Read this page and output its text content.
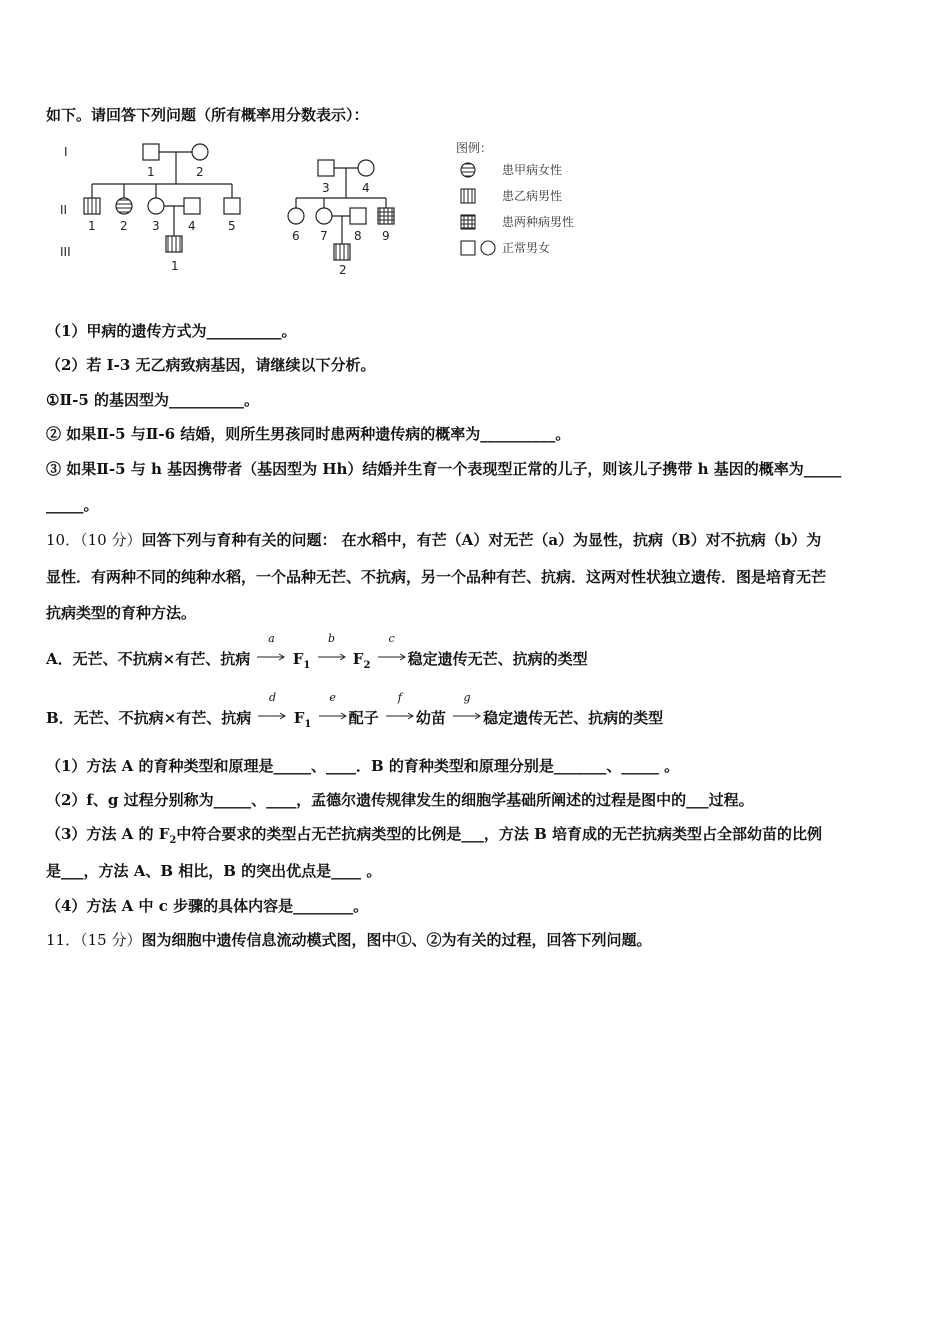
如下。请回答下列问题（所有概率用分数表示）：
I
II
III
1	2
1 2 3 4	5
1
3	4
6 7 8 9
2
图例：
患甲病女性
患乙病男性
患两种病男性
正常男女
（1）甲病的遗传方式为__________。
（2）若 I-3 无乙病致病基因，请继续以下分析。
①Ⅱ-5 的基因型为__________。
② 如果Ⅱ-5 与Ⅱ-6 结婚，则所生男孩同时患两种遗传病的概率为__________。
③ 如果Ⅱ-5 与 h 基因携带者（基因型为 Hh）结婚并生育一个表现型正常的儿子，则该儿子携带 h 基因的概率为_____
_____。
10．（10 分）回答下列与育种有关的问题： 在水稻中，有芒（A）对无芒（a）为显性，抗病（B）对不抗病（b）为
显性．有两种不同的纯种水稻，一个品种无芒、不抗病，另一个品种有芒、抗病．这两对性状独立遗传．图是培育无芒
抗病类型的育种方法。
A．无芒、不抗病×有芒、抗病
a
$F_1$
b
$F_2$
c
稳定遗传无芒、抗病的类型
B．无芒、不抗病×有芒、抗病
d
$F_1$
e
配子
f
幼苗
g
稳定遗传无芒、抗病的类型
（1）方法 A 的育种类型和原理是_____、____．B 的育种类型和原理分别是_______、_____ 。
（2）f、g 过程分别称为_____、____，孟德尔遗传规律发生的细胞学基础所阐述的过程是图中的___过程。
（3）方法 A 的 $F_2$中符合要求的类型占无芒抗病类型的比例是___，方法 B 培育成的无芒抗病类型占全部幼苗的比例
是___，方法 A、B 相比，B 的突出优点是____ 。
（4）方法 A 中 c 步骤的具体内容是________。
11．（15 分）图为细胞中遗传信息流动模式图，图中①、②为有关的过程，回答下列问题。
